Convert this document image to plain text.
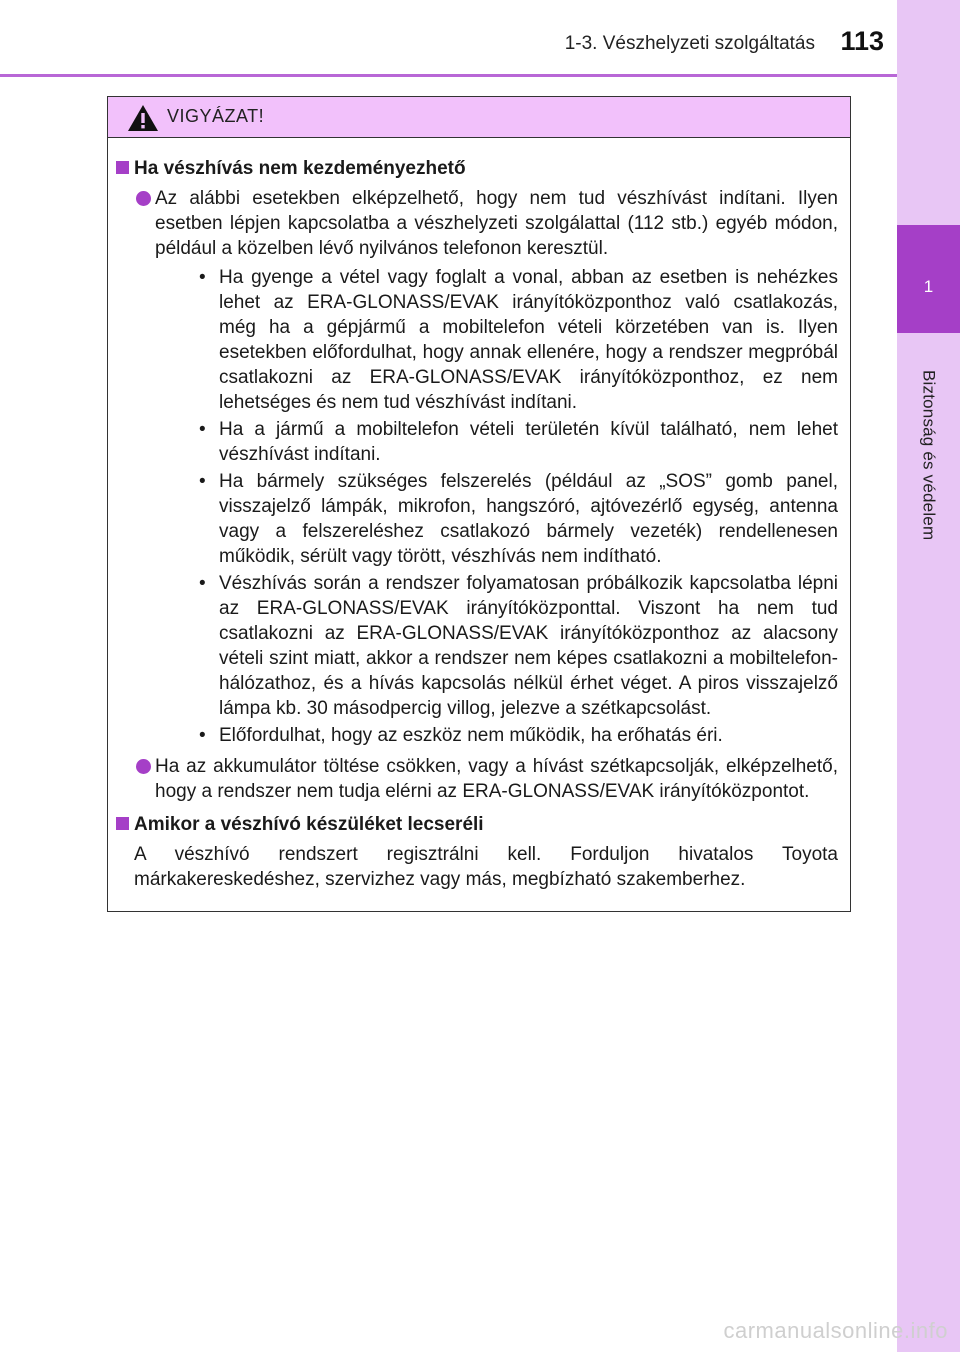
1
Biztonság és védelem
1-3. Vészhelyzeti szolgáltatás 113
VIGYÁZAT!
Ha vészhívás nem kezdeményezhető
Az alábbi esetekben elképzelhető, hogy nem tud vészhívást indítani. Ilyen esetben lépjen kapcsolatba a vészhelyzeti szolgálattal (112 stb.) egyéb módon, például a közelben lévő nyilvános telefonon keresztül.
• Ha gyenge a vétel vagy foglalt a vonal, abban az esetben is nehézkes lehet az ERA-GLONASS/EVAK irányítóközponthoz való csatlakozás, még ha a gépjármű a mobiltelefon vételi körzetében van is. Ilyen esetekben előfordulhat, hogy annak ellenére, hogy a rendszer megpróbál csatlakozni az ERA-GLONASS/EVAK irányítóközponthoz, ez nem lehetséges és nem tud vészhívást indítani.
• Ha a jármű a mobiltelefon vételi területén kívül található, nem lehet vészhívást indítani.
• Ha bármely szükséges felszerelés (például az „SOS” gomb panel, visszajelző lámpák, mikrofon, hangszóró, ajtóvezérlő egység, antenna vagy a felszereléshez csatlakozó bármely vezeték) rendellenesen működik, sérült vagy törött, vészhívás nem indítható.
• Vészhívás során a rendszer folyamatosan próbálkozik kapcsolatba lépni az ERA-GLONASS/EVAK irányítóközponttal. Viszont ha nem tud csatlakozni az ERA-GLONASS/EVAK irányítóközponthoz az alacsony vételi szint miatt, akkor a rendszer nem képes csatlakozni a mobiltelefon-hálózathoz, és a hívás kapcsolás nélkül érhet véget. A piros visszajelző lámpa kb. 30 másodpercig villog, jelezve a szétkapcsolást.
• Előfordulhat, hogy az eszköz nem működik, ha erőhatás éri.
Ha az akkumulátor töltése csökken, vagy a hívást szétkapcsolják, elképzelhető, hogy a rendszer nem tudja elérni az ERA-GLONASS/EVAK irányítóközpontot.
Amikor a vészhívó készüléket lecseréli
A vészhívó rendszert regisztrálni kell. Forduljon hivatalos Toyota márkakereskedéshez, szervizhez vagy más, megbízható szakemberhez.
carmanualsonline.info
